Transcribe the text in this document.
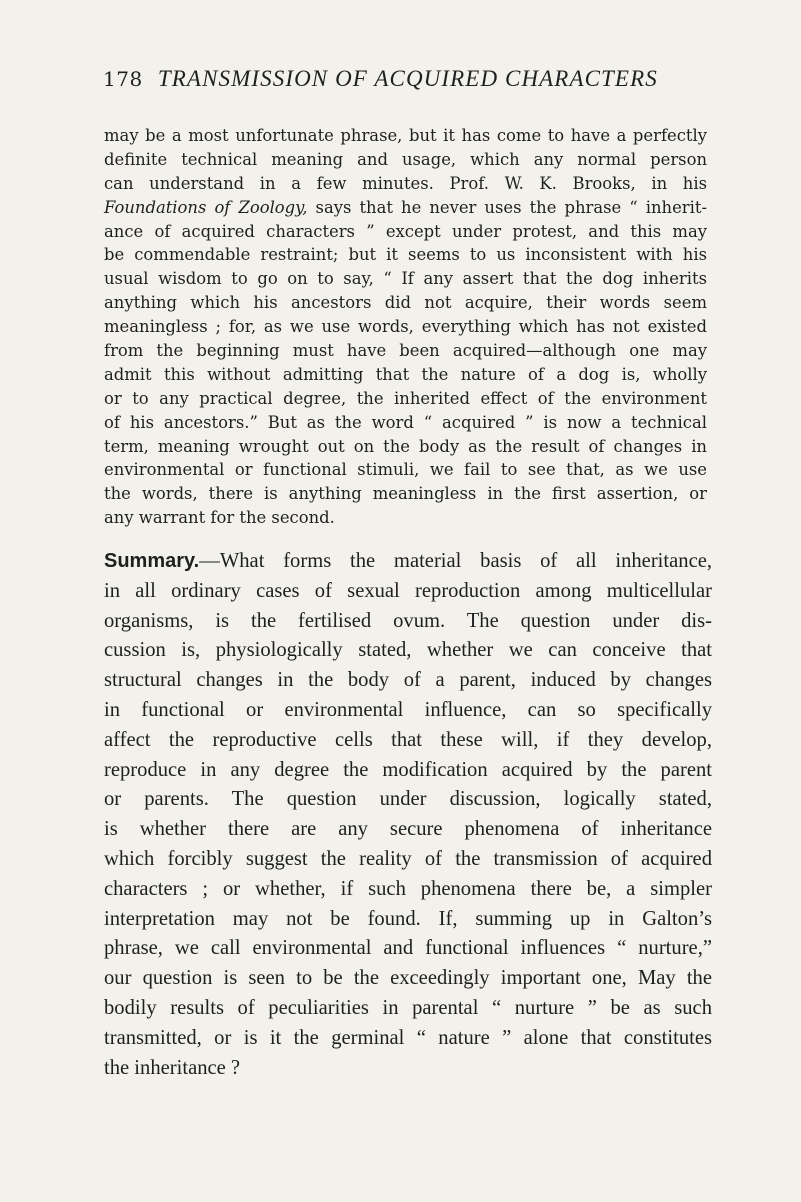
178 TRANSMISSION OF ACQUIRED CHARACTERS
may be a most unfortunate phrase, but it has come to have a perfectly
definite technical meaning and usage, which any normal person
can understand in a few minutes. Prof. W. K. Brooks, in his
Foundations of Zoology, says that he never uses the phrase “ inherit-
ance of acquired characters ” except under protest, and this may
be commendable restraint; but it seems to us inconsistent with his
usual wisdom to go on to say, “ If any assert that the dog inherits
anything which his ancestors did not acquire, their words seem
meaningless ; for, as we use words, everything which has not existed
from the beginning must have been acquired—although one may
admit this without admitting that the nature of a dog is, wholly
or to any practical degree, the inherited effect of the environment
of his ancestors.” But as the word “ acquired ” is now a technical
term, meaning wrought out on the body as the result of changes in
environmental or functional stimuli, we fail to see that, as we use
the words, there is anything meaningless in the first assertion, or
any warrant for the second.
Summary.—What forms the material basis of all inheritance,
in all ordinary cases of sexual reproduction among multicellular
organisms, is the fertilised ovum. The question under dis-
cussion is, physiologically stated, whether we can conceive that
structural changes in the body of a parent, induced by changes
in functional or environmental influence, can so specifically
affect the reproductive cells that these will, if they develop,
reproduce in any degree the modification acquired by the parent
or parents. The question under discussion, logically stated,
is whether there are any secure phenomena of inheritance
which forcibly suggest the reality of the transmission of acquired
characters ; or whether, if such phenomena there be, a simpler
interpretation may not be found. If, summing up in Galton’s
phrase, we call environmental and functional influences “ nurture,”
our question is seen to be the exceedingly important one, May the
bodily results of peculiarities in parental “ nurture ” be as such
transmitted, or is it the germinal “ nature ” alone that constitutes
the inheritance ?
